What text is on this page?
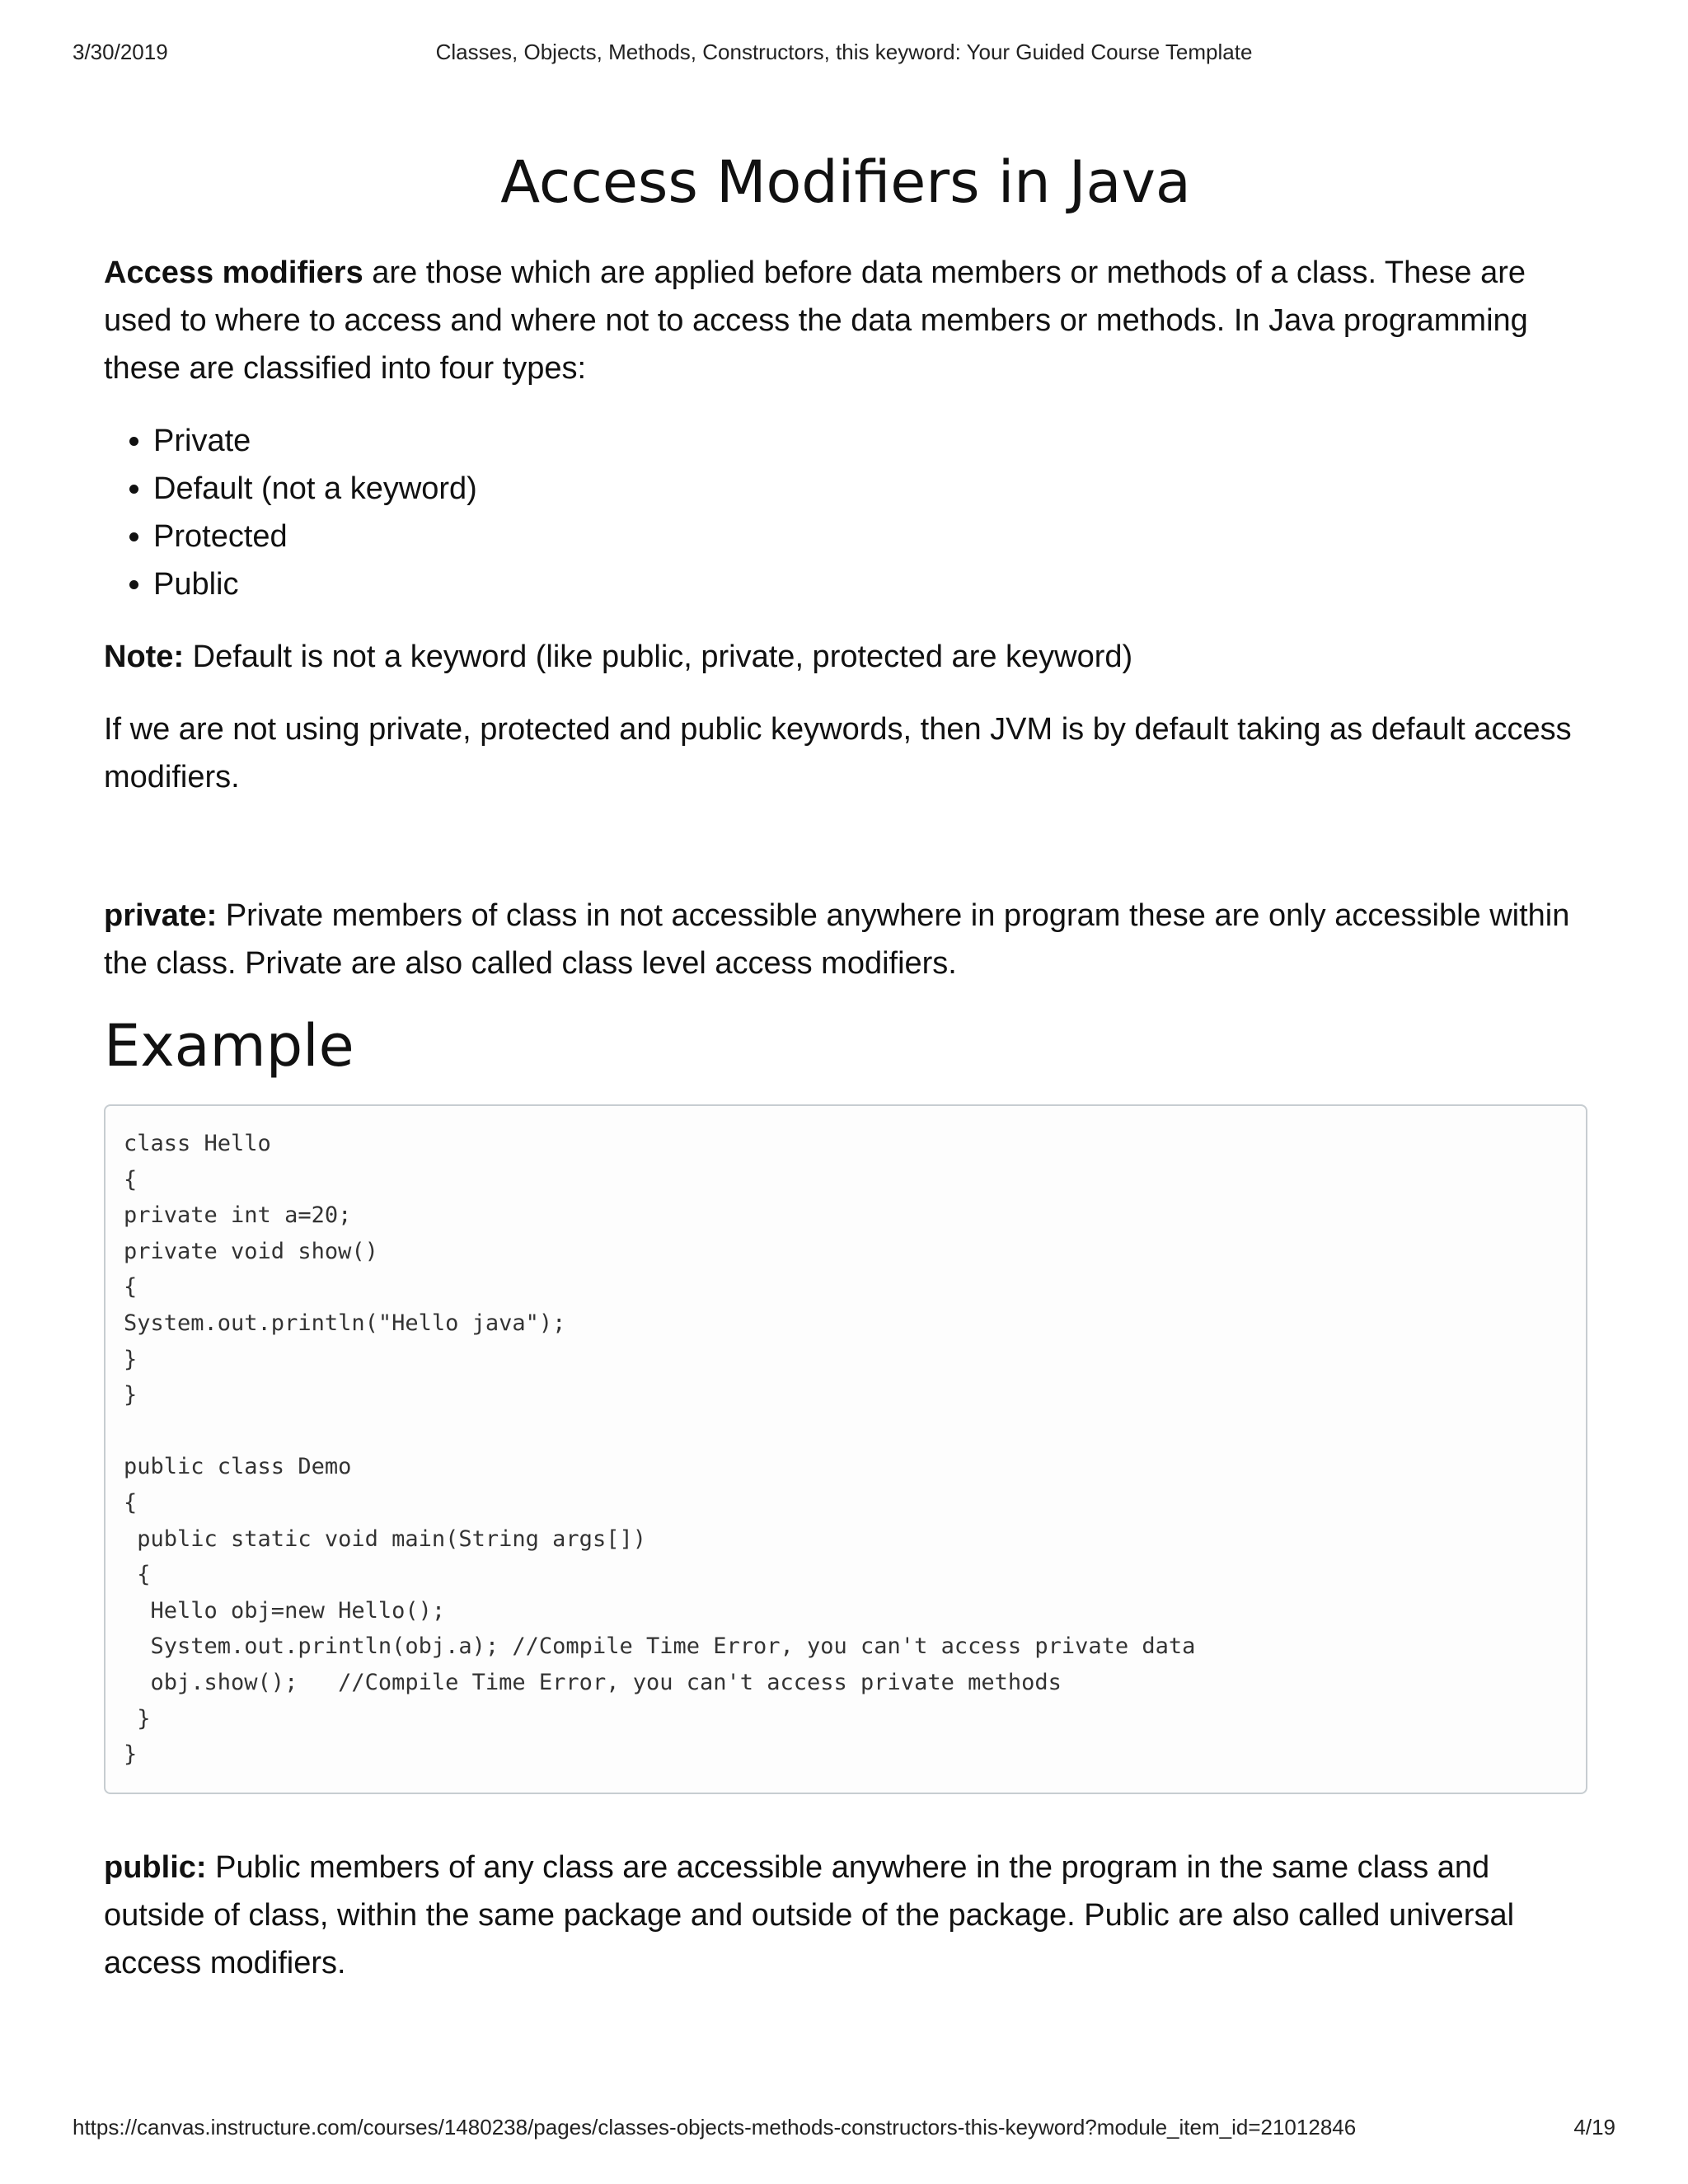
3/30/2019	Classes, Objects, Methods, Constructors, this keyword: Your Guided Course Template
Access Modifiers in Java

Access modifiers are those which are applied before data members or methods of a class. These are used to where to access and where not to access the data members or methods. In Java programming these are classified into four types:

• Private
• Default (not a keyword)
• Protected
• Public

Note: Default is not a keyword (like public, private, protected are keyword)

If we are not using private, protected and public keywords, then JVM is by default taking as default access modifiers.

private: Private members of class in not accessible anywhere in program these are only accessible within the class. Private are also called class level access modifiers.

Example
class Hello
{
private int a=20;
private void show()
{
System.out.println("Hello java");
}
}

public class Demo
{
public static void main(String args[])
{
Hello obj=new Hello();
System.out.println(obj.a); //Compile Time Error, you can't access private data
obj.show();   //Compile Time Error, you can't access private methods
}
}

public: Public members of any class are accessible anywhere in the program in the same class and outside of class, within the same package and outside of the package. Public are also called universal access modifiers.

https://canvas.instructure.com/courses/1480238/pages/classes-objects-methods-constructors-this-keyword?module_item_id=21012846	4/19
